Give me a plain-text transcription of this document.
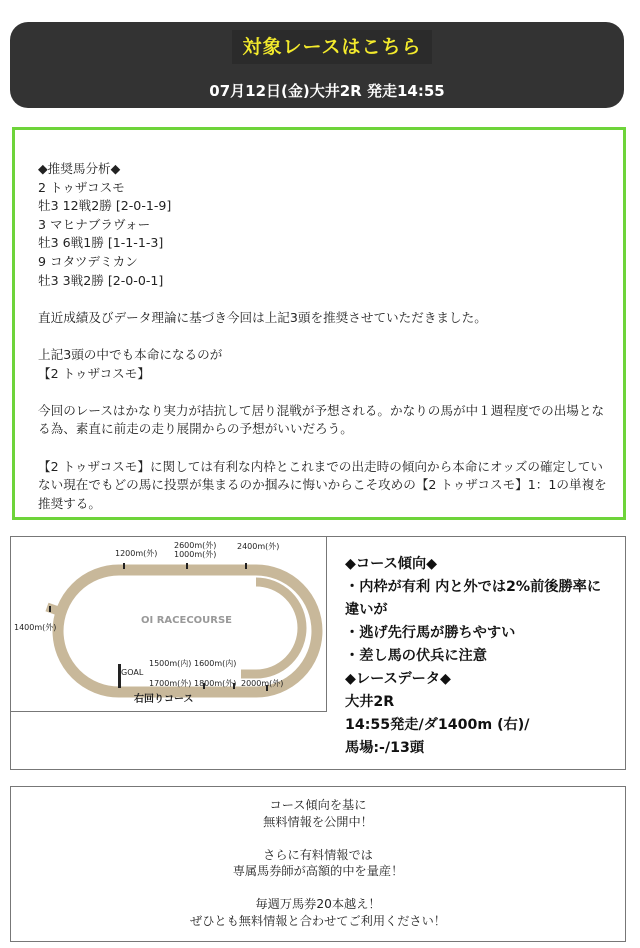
対象レースはこちら
07月12日(金)大井2R 発走14:55
◆推奨馬分析◆
2 トゥザコスモ
牡3 12戦2勝 [2-0-1-9]
3 マヒナブラヴォー
牡3 6戦1勝 [1-1-1-3]
9 コタツデミカン
牡3 3戦2勝 [2-0-0-1]
直近成績及びデータ理論に基づき今回は上記3頭を推奨させていただきました。
上記3頭の中でも本命になるのが
【2 トゥザコスモ】
今回のレースはかなり実力が拮抗して居り混戦が予想される。かなりの馬が中１週程度での出場とな
る為、素直に前走の走り展開からの予想がいいだろう。
【2 トゥザコスモ】に関しては有利な内枠とこれまでの出走時の傾向から本命にオッズの確定してい
ない現在でもどの馬に投票が集まるのか掴みに悔いからこそ攻めの【2 トゥザコスモ】1：1の単複を
推奨する。
OI RACECOURSE
1200m(外)
2600m(外)
1000m(外)
2400m(外)
1400m(外)
GOAL
1500m(内) 1600m(内)
1700m(外) 1800m(外) 2000m(外)
右回りコース
◆コース傾向◆
・内枠が有利 内と外では2%前後勝率に
違いが
・逃げ先行馬が勝ちやすい
・差し馬の伏兵に注意
◆レースデータ◆
大井2R
14:55発走/ダ1400m (右)/
馬場:-/13頭
コース傾向を基に
無料情報を公開中！
さらに有料情報では
専属馬券師が高額的中を量産！
毎週万馬券20本越え！
ぜひとも無料情報と合わせてご利用ください！
